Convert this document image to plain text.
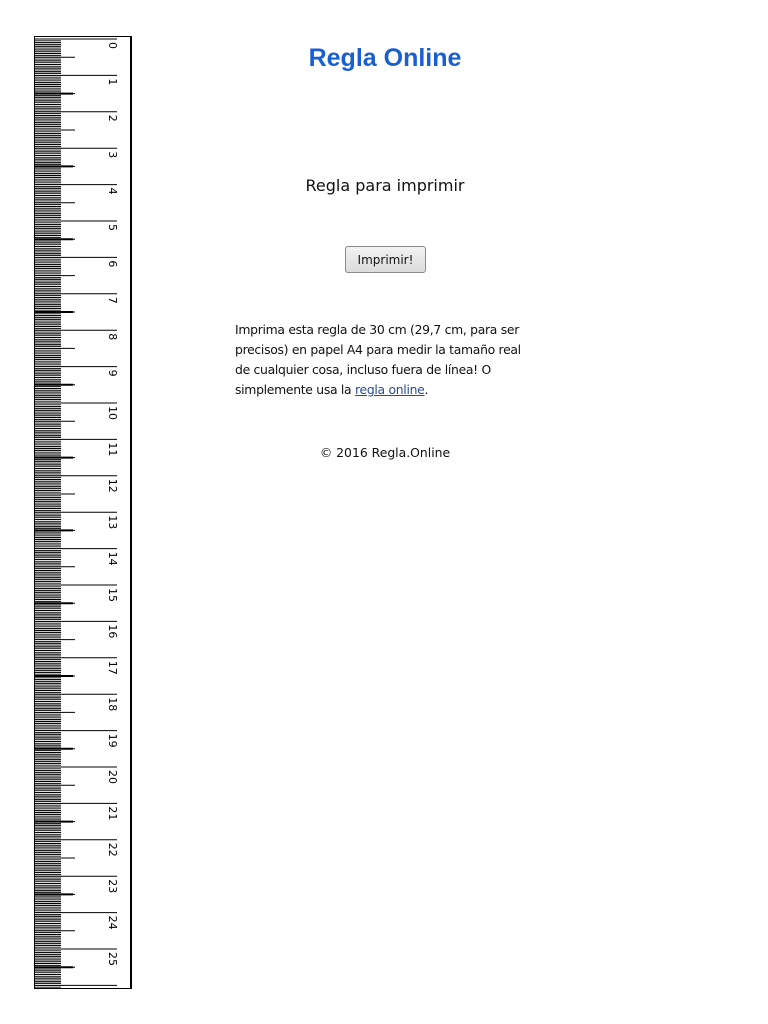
0
1
2
3
4
5
6
7
8
9
10
11
12
13
14
15
16
17
18
19
20
21
22
23
24
25
Regla Online

Regla para imprimir

Imprimir!

Imprima esta regla de 30 cm (29,7 cm, para ser precisos) en papel A4 para medir la tamaño real de cualquier cosa, incluso fuera de línea! O simplemente usa la regla online.

© 2016 Regla.Online
